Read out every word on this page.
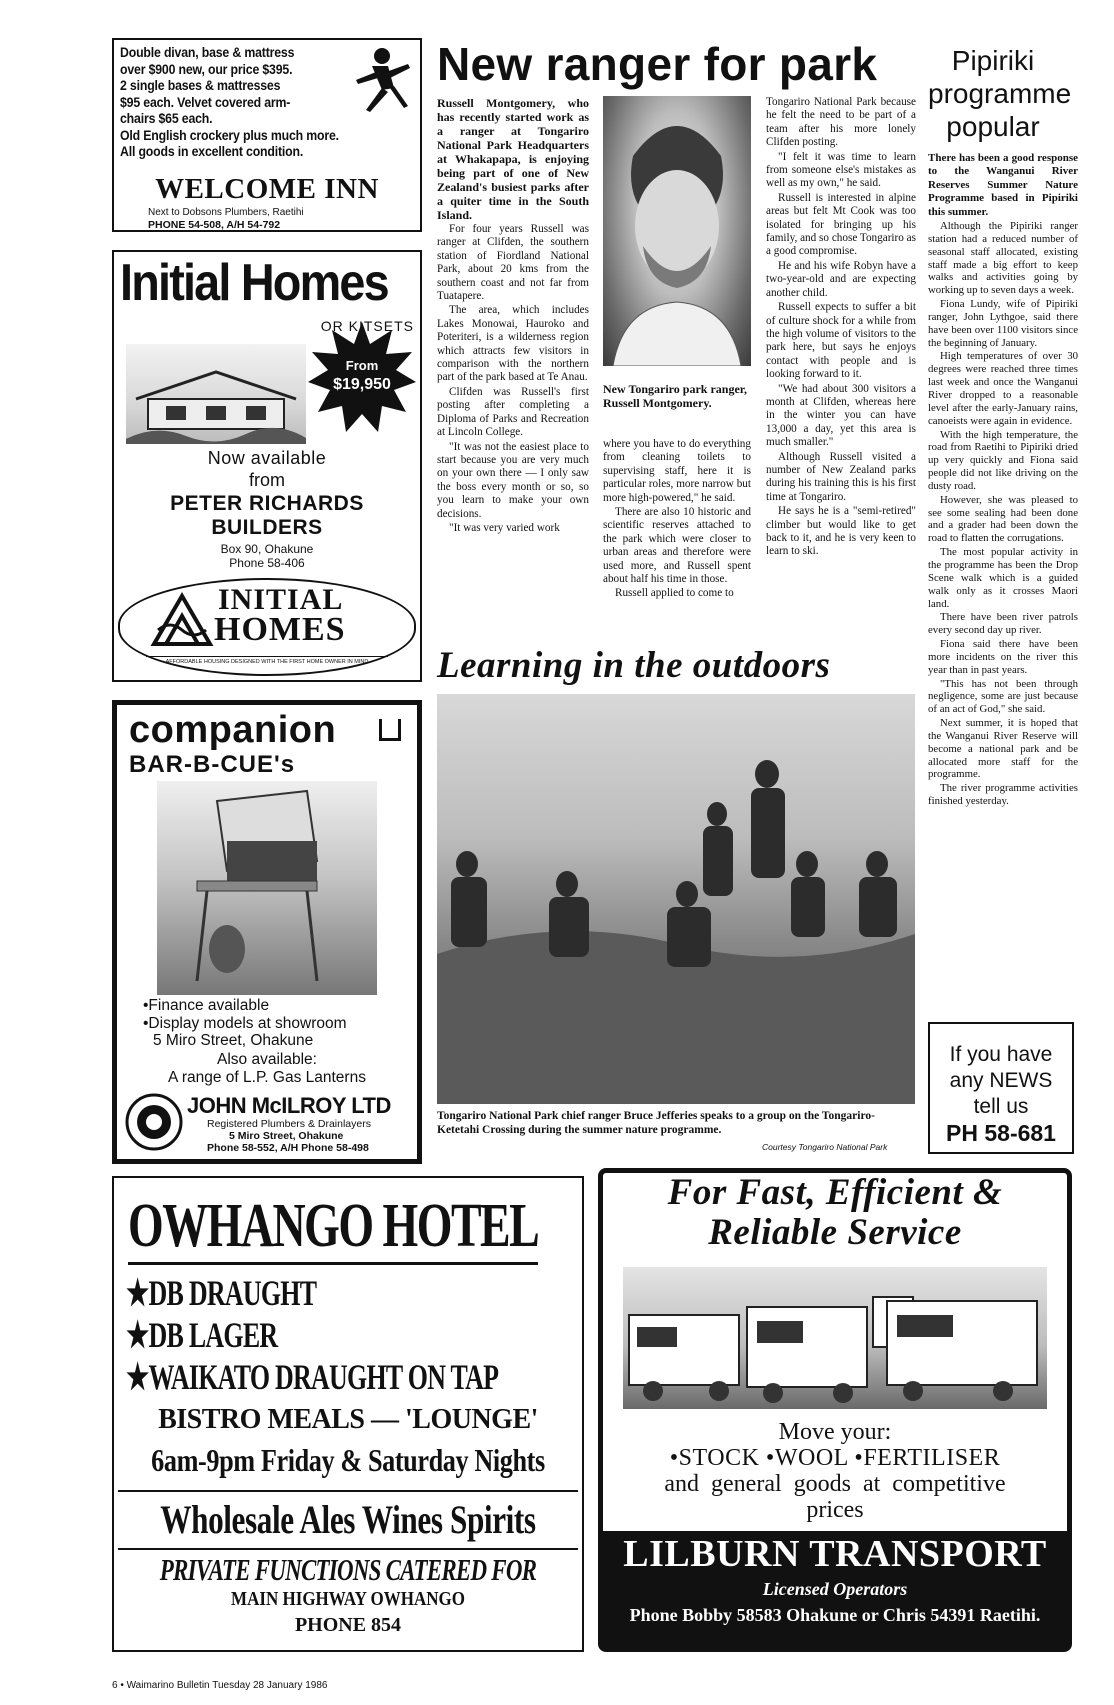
Double divan, base & mattress
over $900 new, our price $395.
2 single bases & mattresses
$95 each. Velvet covered arm-
chairs $65 each.
Old English crockery plus much more.
All goods in excellent condition.
WELCOME INN
Next to Dobsons Plumbers, Raetihi
PHONE 54-508, A/H 54-792
Initial Homes
OR KITSETS
From
$19,950
Now available
from
PETER RICHARDS
BUILDERS
Box 90, Ohakune
Phone 58-406
INITIAL
HOMES
AFFORDABLE HOUSING DESIGNED WITH THE FIRST HOME OWNER IN MIND
companion
BAR-B-CUE's
•Finance available
•Display models at showroom
5 Miro Street, Ohakune
Also available:
A range of L.P. Gas Lanterns
JOHN McILROY LTD
Registered Plumbers & Drainlayers
5 Miro Street, Ohakune
Phone 58-552, A/H Phone 58-498
New ranger for park

Russell Montgomery, who has recently started work as a ranger at Tongariro National Park Headquarters at Whakapapa, is enjoying being part of one of New Zealand's busiest parks after a quiter time in the South Island.

For four years Russell was ranger at Clifden, the southern station of Fiordland National Park, about 20 kms from the southern coast and not far from Tuatapere.

The area, which includes Lakes Monowai, Hauroko and Poteriteri, is a wilderness region which attracts few visitors in comparison with the northern part of the park based at Te Anau.

Clifden was Russell's first posting after completing a Diploma of Parks and Recreation at Lincoln College.

"It was not the easiest place to start because you are very much on your own there — I only saw the boss every month or so, so you learn to make your own decisions.

"It was very varied work

New Tongariro park ranger, Russell Montgomery.

where you have to do everything from cleaning toilets to supervising staff, here it is particular roles, more narrow but more high-powered," he said.

There are also 10 historic and scientific reserves attached to the park which were closer to urban areas and therefore were used more, and Russell spent about half his time in those.

Russell applied to come to

Tongariro National Park because he felt the need to be part of a team after his more lonely Clifden posting.

"I felt it was time to learn from someone else's mistakes as well as my own," he said.

Russell is interested in alpine areas but felt Mt Cook was too isolated for bringing up his family, and so chose Tongariro as a good compromise.

He and his wife Robyn have a two-year-old and are expecting another child.

Russell expects to suffer a bit of culture shock for a while from the high volume of visitors to the park here, but says he enjoys contact with people and is looking forward to it.

"We had about 300 visitors a month at Clifden, whereas here in the winter you can have 13,000 a day, yet this area is much smaller."

Although Russell visited a number of New Zealand parks during his training this is his first time at Tongariro.

He says he is a "semi-retired" climber but would like to get back to it, and he is very keen to learn to ski.

Learning in the outdoors
Tongariro National Park chief ranger Bruce Jefferies speaks to a group on the Tongariro-Ketetahi Crossing during the summer nature programme.
Courtesy Tongariro National Park
Pipiriki
programme
popular

There has been a good response to the Wanganui River Reserves Summer Nature Programme based in Pipiriki this summer.

Although the Pipiriki ranger station had a reduced number of seasonal staff allocated, existing staff made a big effort to keep walks and activities going by working up to seven days a week.

Fiona Lundy, wife of Pipiriki ranger, John Lythgoe, said there have been over 1100 visitors since the beginning of January.

High temperatures of over 30 degrees were reached three times last week and once the Wanganui River dropped to a reasonable level after the early-January rains, canoeists were again in evidence.

With the high temperature, the road from Raetihi to Pipiriki dried up very quickly and Fiona said people did not like driving on the dusty road.

However, she was pleased to see some sealing had been done and a grader had been down the road to flatten the corrugations.

The most popular activity in the programme has been the Drop Scene walk which is a guided walk only as it crosses Maori land.

There have been river patrols every second day up river.

Fiona said there have been more incidents on the river this year than in past years.

"This has not been through negligence, some are just because of an act of God," she said.

Next summer, it is hoped that the Wanganui River Reserve will become a national park and be allocated more staff for the programme.

The river programme activities finished yesterday.

If you have
any NEWS
tell us
PH 58-681
OWHANGO HOTEL
★DB DRAUGHT
★DB LAGER
★WAIKATO DRAUGHT ON TAP
BISTRO MEALS — 'LOUNGE'
6am-9pm Friday & Saturday Nights
Wholesale Ales Wines Spirits
PRIVATE FUNCTIONS CATERED FOR
MAIN HIGHWAY OWHANGO
PHONE 854
For Fast, Efficient &
Reliable Service
Move your:
•STOCK •WOOL •FERTILISER
and general goods at competitive
prices
LILBURN TRANSPORT
Licensed Operators
Phone Bobby 58583 Ohakune or Chris 54391 Raetihi.
6 • Waimarino Bulletin Tuesday 28 January 1986
